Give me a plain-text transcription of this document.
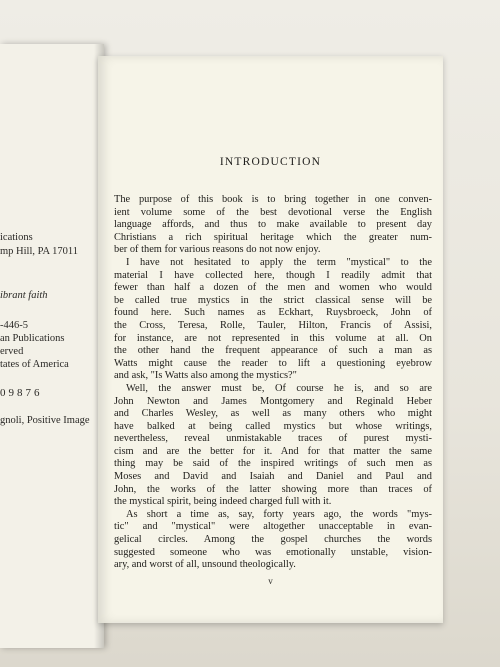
ications
mp Hill, PA 17011
ibrant faith
-446-5
an Publications
erved
tates of America
09876
gnoli, Positive Image
INTRODUCTION
The purpose of this book is to bring together in one conven-
ient volume some of the best devotional verse the English
language affords, and thus to make available to present day
Christians a rich spiritual heritage which the greater num-
ber of them for various reasons do not now enjoy.
I have not hesitated to apply the term "mystical" to the
material I have collected here, though I readily admit that
fewer than half a dozen of the men and women who would
be called true mystics in the strict classical sense will be
found here. Such names as Eckhart, Ruysbroeck, John of
the Cross, Teresa, Rolle, Tauler, Hilton, Francis of Assisi,
for instance, are not represented in this volume at all. On
the other hand the frequent appearance of such a man as
Watts might cause the reader to lift a questioning eyebrow
and ask, "Is Watts also among the mystics?"
Well, the answer must be, Of course he is, and so are
John Newton and James Montgomery and Reginald Heber
and Charles Wesley, as well as many others who might
have balked at being called mystics but whose writings,
nevertheless, reveal unmistakable traces of purest mysti-
cism and are the better for it. And for that matter the same
thing may be said of the inspired writings of such men as
Moses and David and Isaiah and Daniel and Paul and
John, the works of the latter showing more than traces of
the mystical spirit, being indeed charged full with it.
As short a time as, say, forty years ago, the words "mys-
tic" and "mystical" were altogether unacceptable in evan-
gelical circles. Among the gospel churches the words
suggested someone who was emotionally unstable, vision-
ary, and worst of all, unsound theologically.
v
